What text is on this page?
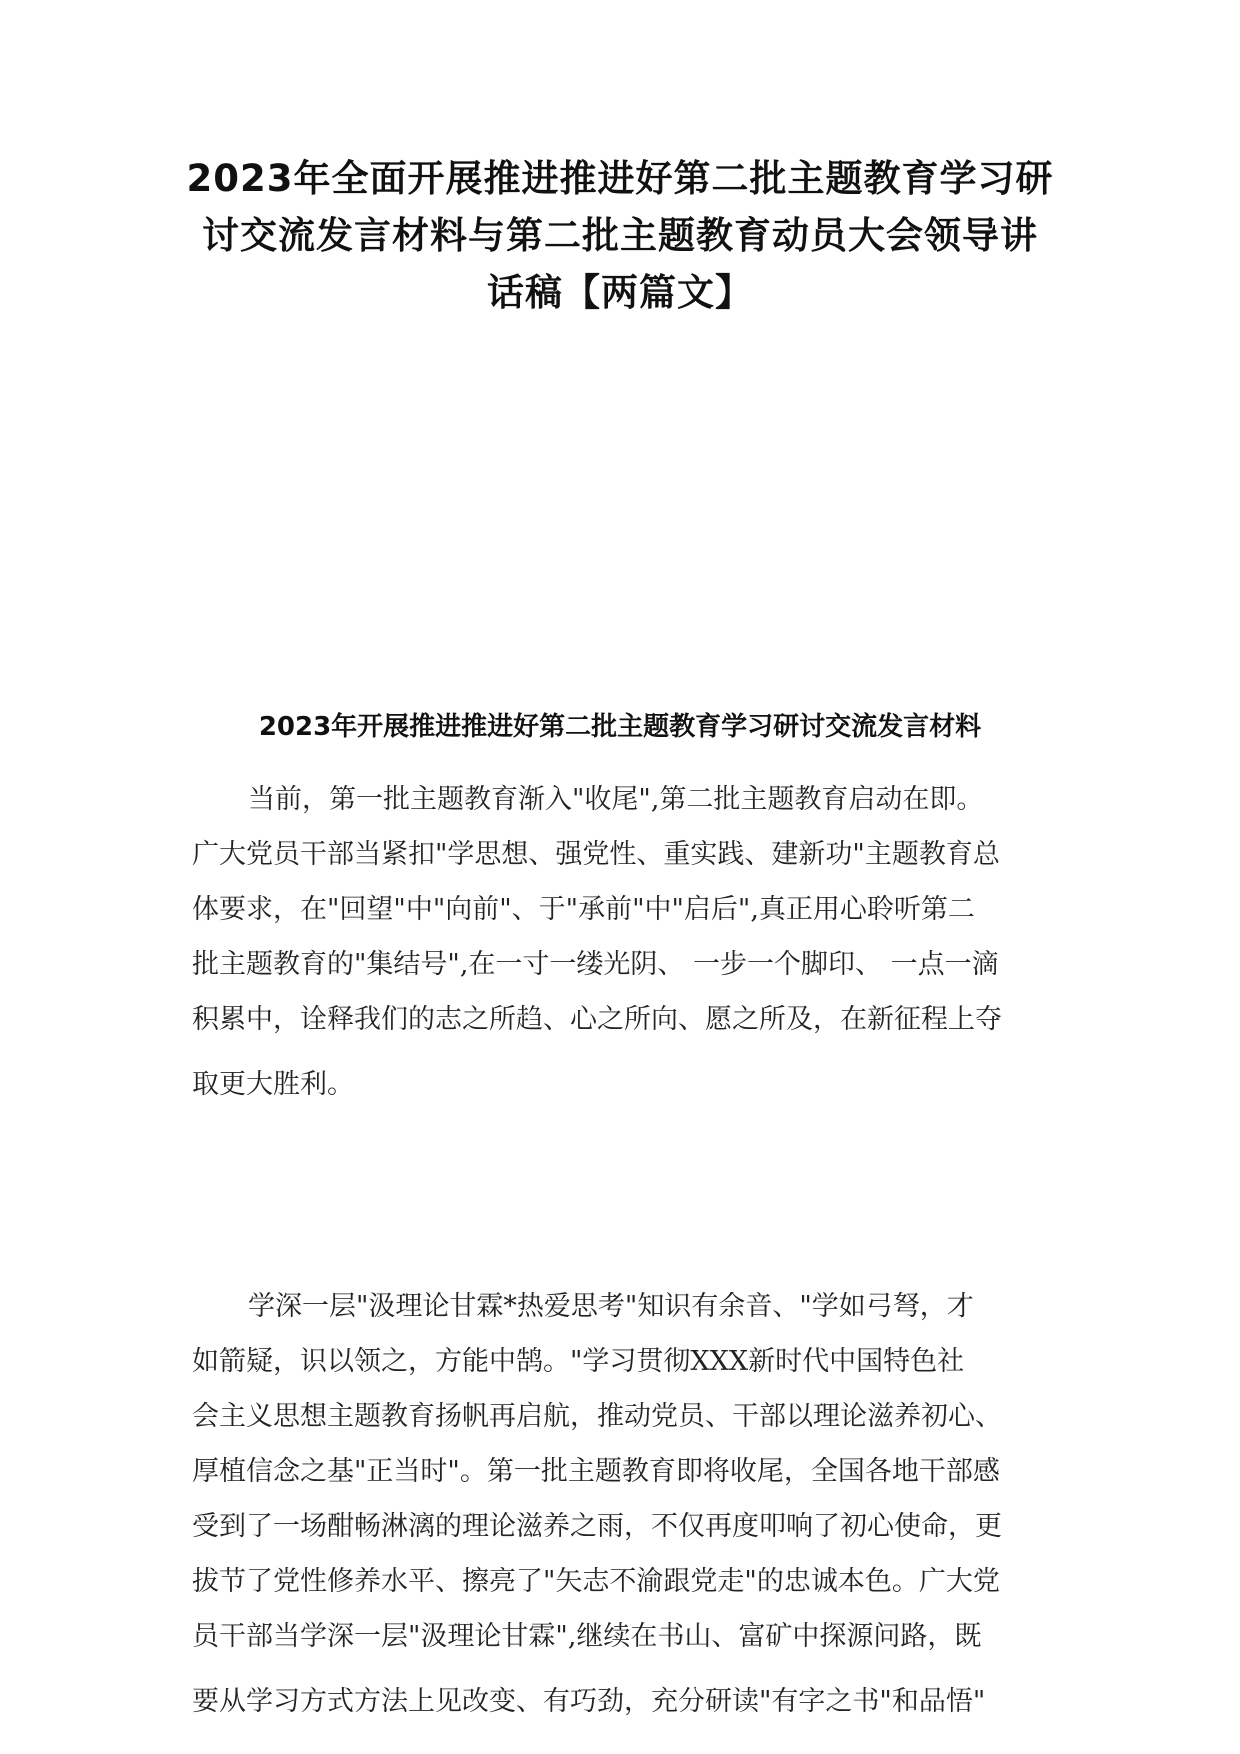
2023年全面开展推进推进好第二批主题教育学习研
讨交流发言材料与第二批主题教育动员大会领导讲
话稿【两篇文】
2023年开展推进推进好第二批主题教育学习研讨交流发言材料
当前，第一批主题教育渐入"收尾",第二批主题教育启动在即。
广大党员干部当紧扣"学思想、强党性、重实践、建新功"主题教育总
体要求，在"回望"中"向前"、于"承前"中"启后",真正用心聆听第二
批主题教育的"集结号",在一寸一缕光阴、 一步一个脚印、 一点一滴
积累中，诠释我们的志之所趋、心之所向、愿之所及，在新征程上夺
取更大胜利。
学深一层"汲理论甘霖*热爱思考"知识有余音、"学如弓弩，才
如箭疑，识以领之，方能中鹄。"学习贯彻XXX新时代中国特色社
会主义思想主题教育扬帆再启航，推动党员、干部以理论滋养初心、
厚植信念之基"正当时"。第一批主题教育即将收尾，全国各地干部感
受到了一场酣畅淋漓的理论滋养之雨，不仅再度叩响了初心使命，更
拔节了党性修养水平、擦亮了"矢志不渝跟党走"的忠诚本色。广大党
员干部当学深一层"汲理论甘霖",继续在书山、富矿中探源问路，既
要从学习方式方法上见改变、有巧劲，充分研读"有字之书"和品悟"
